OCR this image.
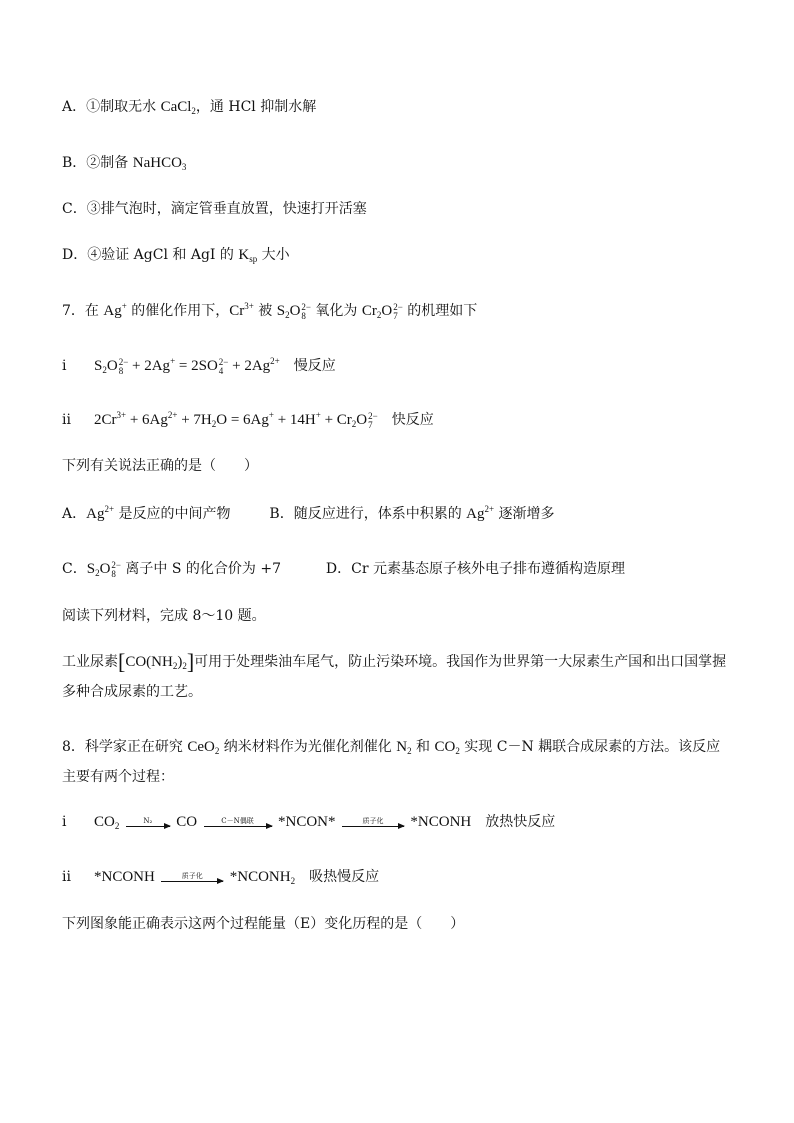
A．①制取无水 CaCl$_2$，通 HCl 抑制水解
B．②制备 NaHCO$_3$
C．③排气泡时，滴定管垂直放置，快速打开活塞
D．④验证 AgCl 和 AgI 的 $K_{sp}$ 大小
7．在 Ag+ 的催化作用下，$Cr^{3+}$ 被 $S_2O$ 2−
8 氧化为 $Cr_2O$ 2−
7 的机理如下
i $S_2O$ 2−
8 + 2Ag+ = 2SO 2−
$4 + 2Ag^{2+}$ 慢反应
ii $2Cr^{3+} + 6Ag^{2+} + 7H_2O = 6Ag^+ + 14H^+ + Cr_2O$ 2−
7	快反应
下列有关说法正确的是（　　）
A．$Ag^{2+}$ 是反应的中间产物	B．随反应进行，体系中积累的 $Ag^{2+}$ 逐渐增多
C．$S_2O$ 2−
8 离子中 S 的化合价为 +7	D．Cr 元素基态原子核外电子排布遵循构造原理
阅读下列材料，完成 8～10 题。
工业尿素$[CO(NH_2)_2]$可用于处理柴油车尾气，防止污染环境。我国作为世界第一大尿素生产国和出口国掌握多种合成尿素的工艺。
8．科学家正在研究 CeO$_2$ 纳米材料作为光催化剂催化 $N_2$ 和 $CO_2$ 实现 C－N 耦联合成尿素的方法。该反应主要有两个过程：
i $CO_2$	N₂	CO	C－N偶联	*NCON*	质子化	*NCONH 放热快反应
ii *NCONH	质子化	$*NCONH_2$ 吸热慢反应
下列图象能正确表示这两个过程能量（E）变化历程的是（　　）
